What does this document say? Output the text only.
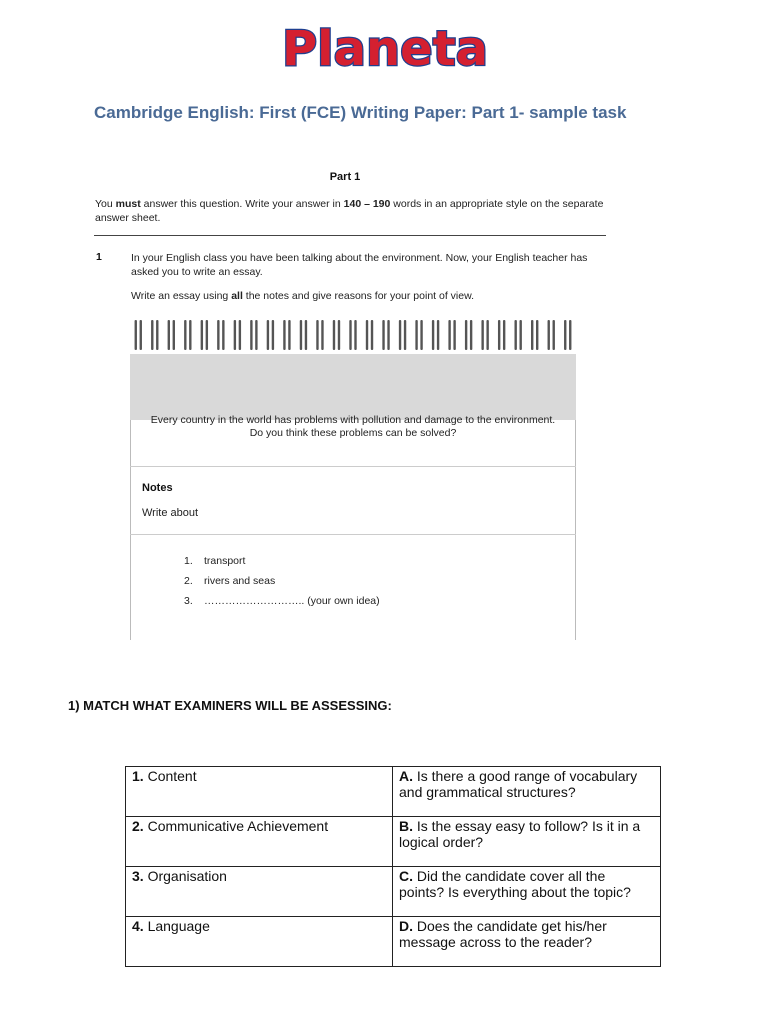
Planeta
Cambridge English: First (FCE) Writing Paper: Part 1- sample task
Part 1
You must answer this question. Write your answer in 140 – 190 words in an appropriate style on the separate answer sheet.
1	In your English class you have been talking about the environment. Now, your English teacher has asked you to write an essay.
Write an essay using all the notes and give reasons for your point of view.
Every country in the world has problems with pollution and damage to the environment.
Do you think these problems can be solved?
Notes
Write about
1. transport
2. rivers and seas
3. ……………………….. (your own idea)
1) MATCH WHAT EXAMINERS WILL BE ASSESSING:
1. Content	A. Is there a good range of vocabulary and grammatical structures?
2. Communicative Achievement	B. Is the essay easy to follow? Is it in a logical order?
3. Organisation	C. Did the candidate cover all the points? Is everything about the topic?
4. Language	D. Does the candidate get his/her message across to the reader?
